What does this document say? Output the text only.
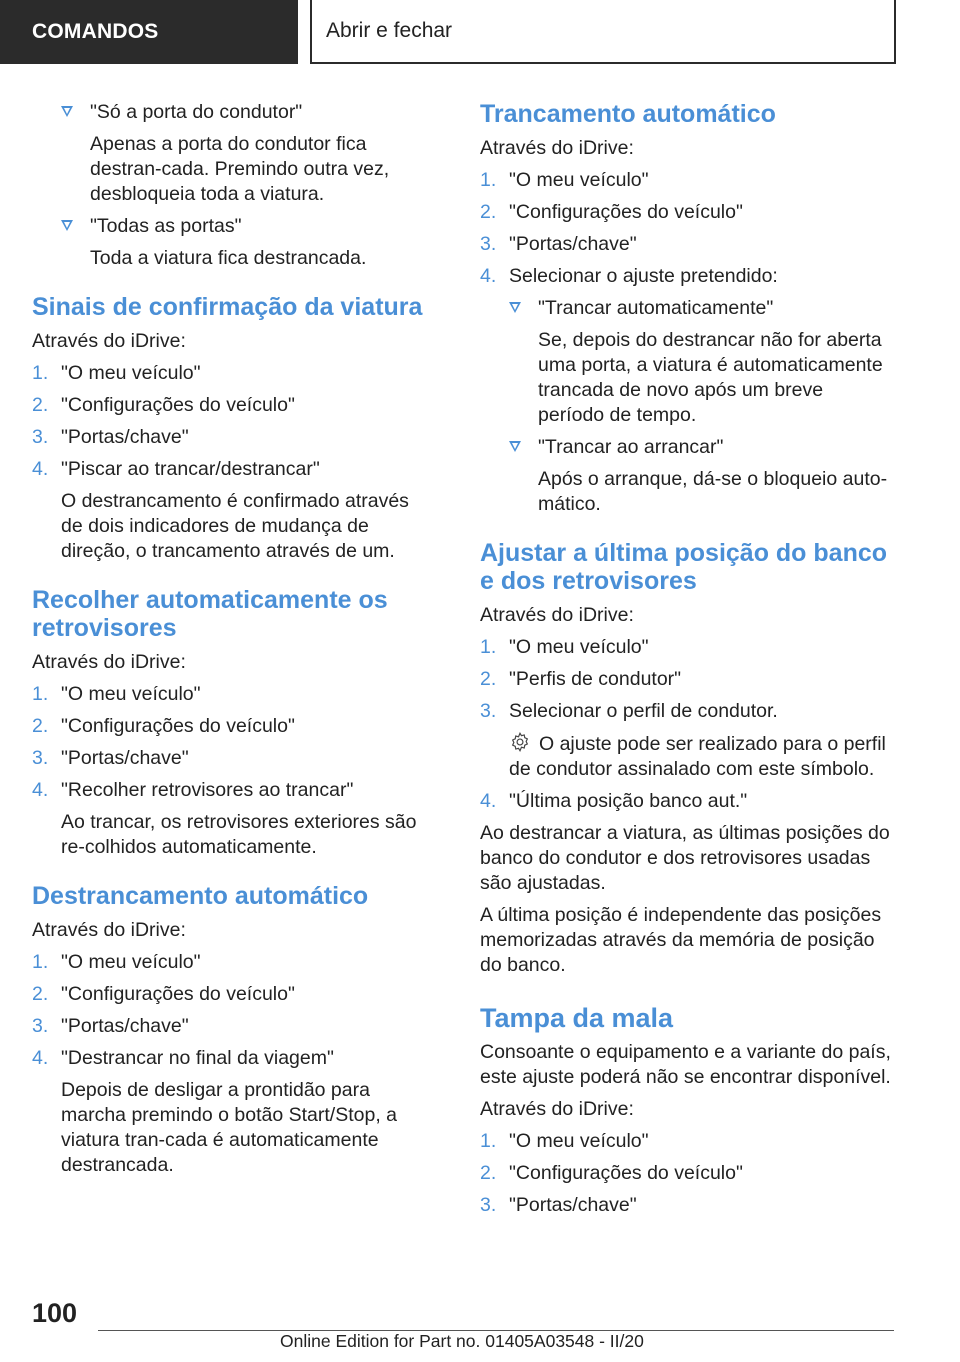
COMANDOS	Abrir e fechar
"Só a porta do condutor"
Apenas a porta do condutor fica destran-cada. Premindo outra vez, desbloqueia toda a viatura.
"Todas as portas"
Toda a viatura fica destrancada.
Sinais de confirmação da viatura
Através do iDrive:
1. "O meu veículo"
2. "Configurações do veículo"
3. "Portas/chave"
4. "Piscar ao trancar/destrancar"
O destrancamento é confirmado através de dois indicadores de mudança de direção, o trancamento através de um.
Recolher automaticamente os retrovisores
Através do iDrive:
1. "O meu veículo"
2. "Configurações do veículo"
3. "Portas/chave"
4. "Recolher retrovisores ao trancar"
Ao trancar, os retrovisores exteriores são re-colhidos automaticamente.
Destrancamento automático
Através do iDrive:
1. "O meu veículo"
2. "Configurações do veículo"
3. "Portas/chave"
4. "Destrancar no final da viagem"
Depois de desligar a prontidão para marcha premindo o botão Start/Stop, a viatura tran-cada é automaticamente destrancada.
Trancamento automático
Através do iDrive:
1. "O meu veículo"
2. "Configurações do veículo"
3. "Portas/chave"
4. Selecionar o ajuste pretendido:
"Trancar automaticamente"
Se, depois do destrancar não for aberta uma porta, a viatura é automaticamente trancada de novo após um breve período de tempo.
"Trancar ao arrancar"
Após o arranque, dá-se o bloqueio auto-mático.
Ajustar a última posição do banco e dos retrovisores
Através do iDrive:
1. "O meu veículo"
2. "Perfis de condutor"
3. Selecionar o perfil de condutor.
O ajuste pode ser realizado para o perfil de condutor assinalado com este símbolo.
4. "Última posição banco aut."
Ao destrancar a viatura, as últimas posições do banco do condutor e dos retrovisores usadas são ajustadas.
A última posição é independente das posições memorizadas através da memória de posição do banco.
Tampa da mala
Consoante o equipamento e a variante do país, este ajuste poderá não se encontrar disponível.
Através do iDrive:
1. "O meu veículo"
2. "Configurações do veículo"
3. "Portas/chave"
100
Online Edition for Part no. 01405A03548 - II/20
